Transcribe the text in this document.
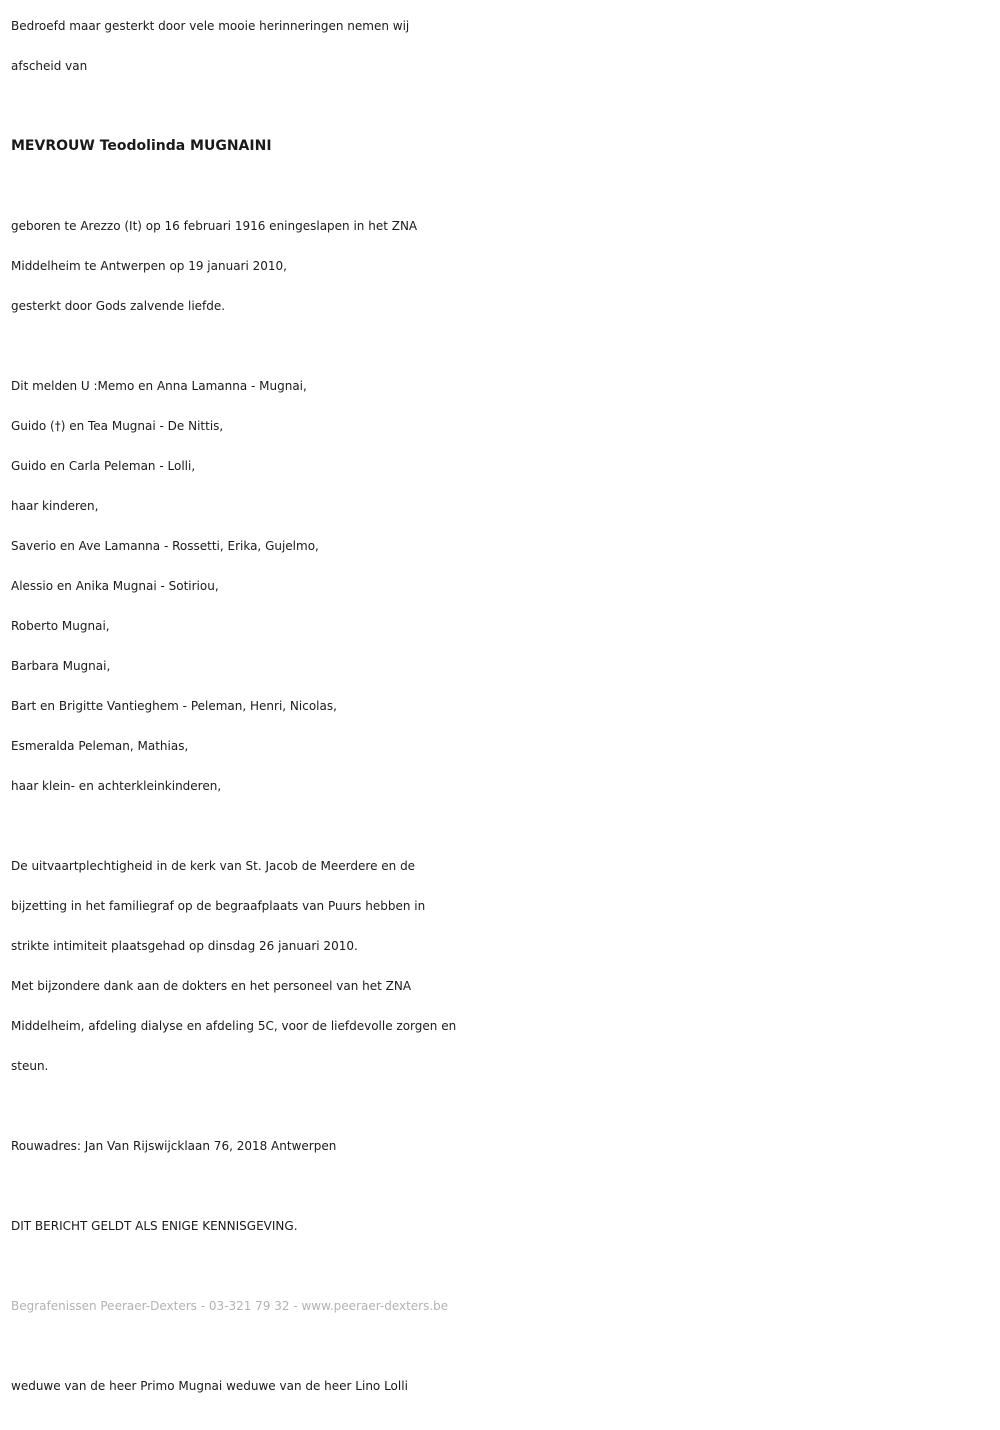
Bedroefd maar gesterkt door vele mooie herinneringen nemen wij

afscheid van

MEVROUW Teodolinda MUGNAINI

geboren te Arezzo (It) op 16 februari 1916 eningeslapen in het ZNA

Middelheim te Antwerpen op 19 januari 2010,

gesterkt door Gods zalvende liefde.

Dit melden U :Memo en Anna Lamanna - Mugnai,

Guido (†) en Tea Mugnai - De Nittis,

Guido en Carla Peleman - Lolli,

haar kinderen,

Saverio en Ave Lamanna - Rossetti, Erika, Gujelmo,

Alessio en Anika Mugnai - Sotiriou,

Roberto Mugnai,

Barbara Mugnai,

Bart en Brigitte Vantieghem - Peleman, Henri, Nicolas,

Esmeralda Peleman, Mathias,

haar klein- en achterkleinkinderen,

De uitvaartplechtigheid in de kerk van St. Jacob de Meerdere en de

bijzetting in het familiegraf op de begraafplaats van Puurs hebben in

strikte intimiteit plaatsgehad op dinsdag 26 januari 2010.

Met bijzondere dank aan de dokters en het personeel van het ZNA

Middelheim, afdeling dialyse en afdeling 5C, voor de liefdevolle zorgen en

steun.

Rouwadres: Jan Van Rijswijcklaan 76, 2018 Antwerpen

DIT BERICHT GELDT ALS ENIGE KENNISGEVING.

Begrafenissen Peeraer-Dexters - 03-321 79 32 - www.peeraer-dexters.be

weduwe van de heer Primo Mugnai weduwe van de heer Lino Lolli
